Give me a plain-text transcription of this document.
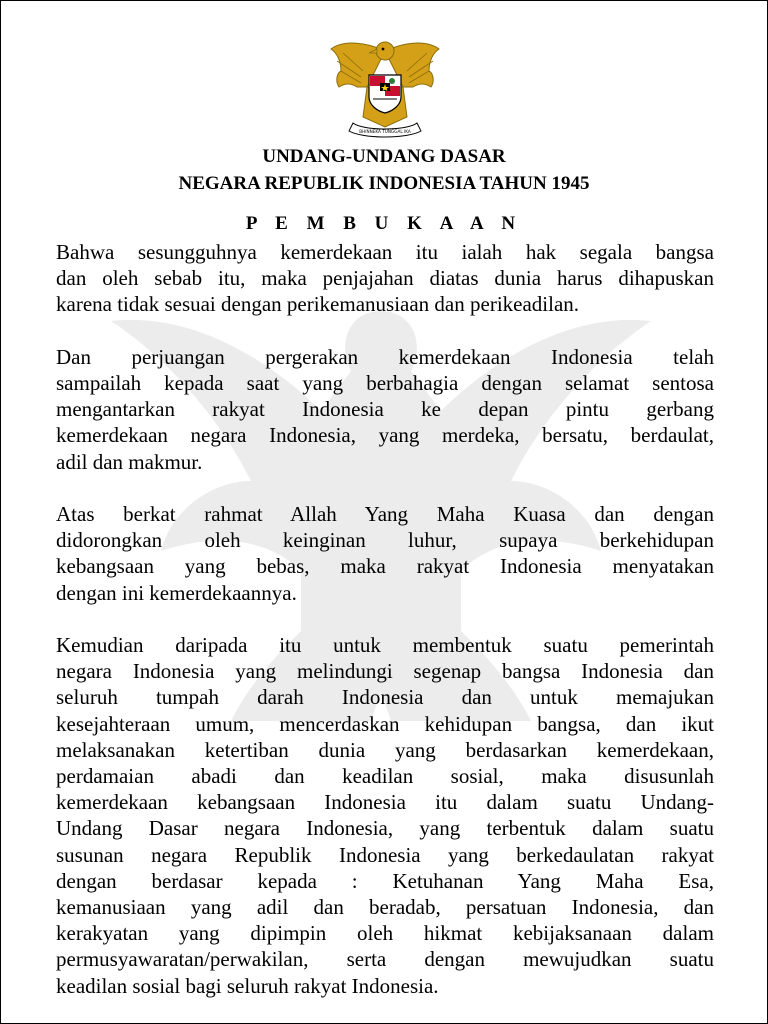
BHINNEKA TUNGGAL IKA
UNDANG-UNDANG DASAR
NEGARA REPUBLIK INDONESIA TAHUN 1945
P E M B U K A A N
Bahwa sesungguhnya kemerdekaan itu ialah hak segala bangsa
dan oleh sebab itu, maka penjajahan diatas dunia harus dihapuskan
karena tidak sesuai dengan perikemanusiaan dan perikeadilan.
Dan perjuangan pergerakan kemerdekaan Indonesia telah
sampailah kepada saat yang berbahagia dengan selamat sentosa
mengantarkan rakyat Indonesia ke depan pintu gerbang
kemerdekaan negara Indonesia, yang merdeka, bersatu, berdaulat,
adil dan makmur.
Atas berkat rahmat Allah Yang Maha Kuasa dan dengan
didorongkan oleh keinginan luhur, supaya berkehidupan
kebangsaan yang bebas, maka rakyat Indonesia menyatakan
dengan ini kemerdekaannya.
Kemudian daripada itu untuk membentuk suatu pemerintah
negara Indonesia yang melindungi segenap bangsa Indonesia dan
seluruh tumpah darah Indonesia dan untuk memajukan
kesejahteraan umum, mencerdaskan kehidupan bangsa, dan ikut
melaksanakan ketertiban dunia yang berdasarkan kemerdekaan,
perdamaian abadi dan keadilan sosial, maka disusunlah
kemerdekaan kebangsaan Indonesia itu dalam suatu Undang-
Undang Dasar negara Indonesia, yang terbentuk dalam suatu
susunan negara Republik Indonesia yang berkedaulatan rakyat
dengan berdasar kepada : Ketuhanan Yang Maha Esa,
kemanusiaan yang adil dan beradab, persatuan Indonesia, dan
kerakyatan yang dipimpin oleh hikmat kebijaksanaan dalam
permusyawaratan/perwakilan, serta dengan mewujudkan suatu
keadilan sosial bagi seluruh rakyat Indonesia.
